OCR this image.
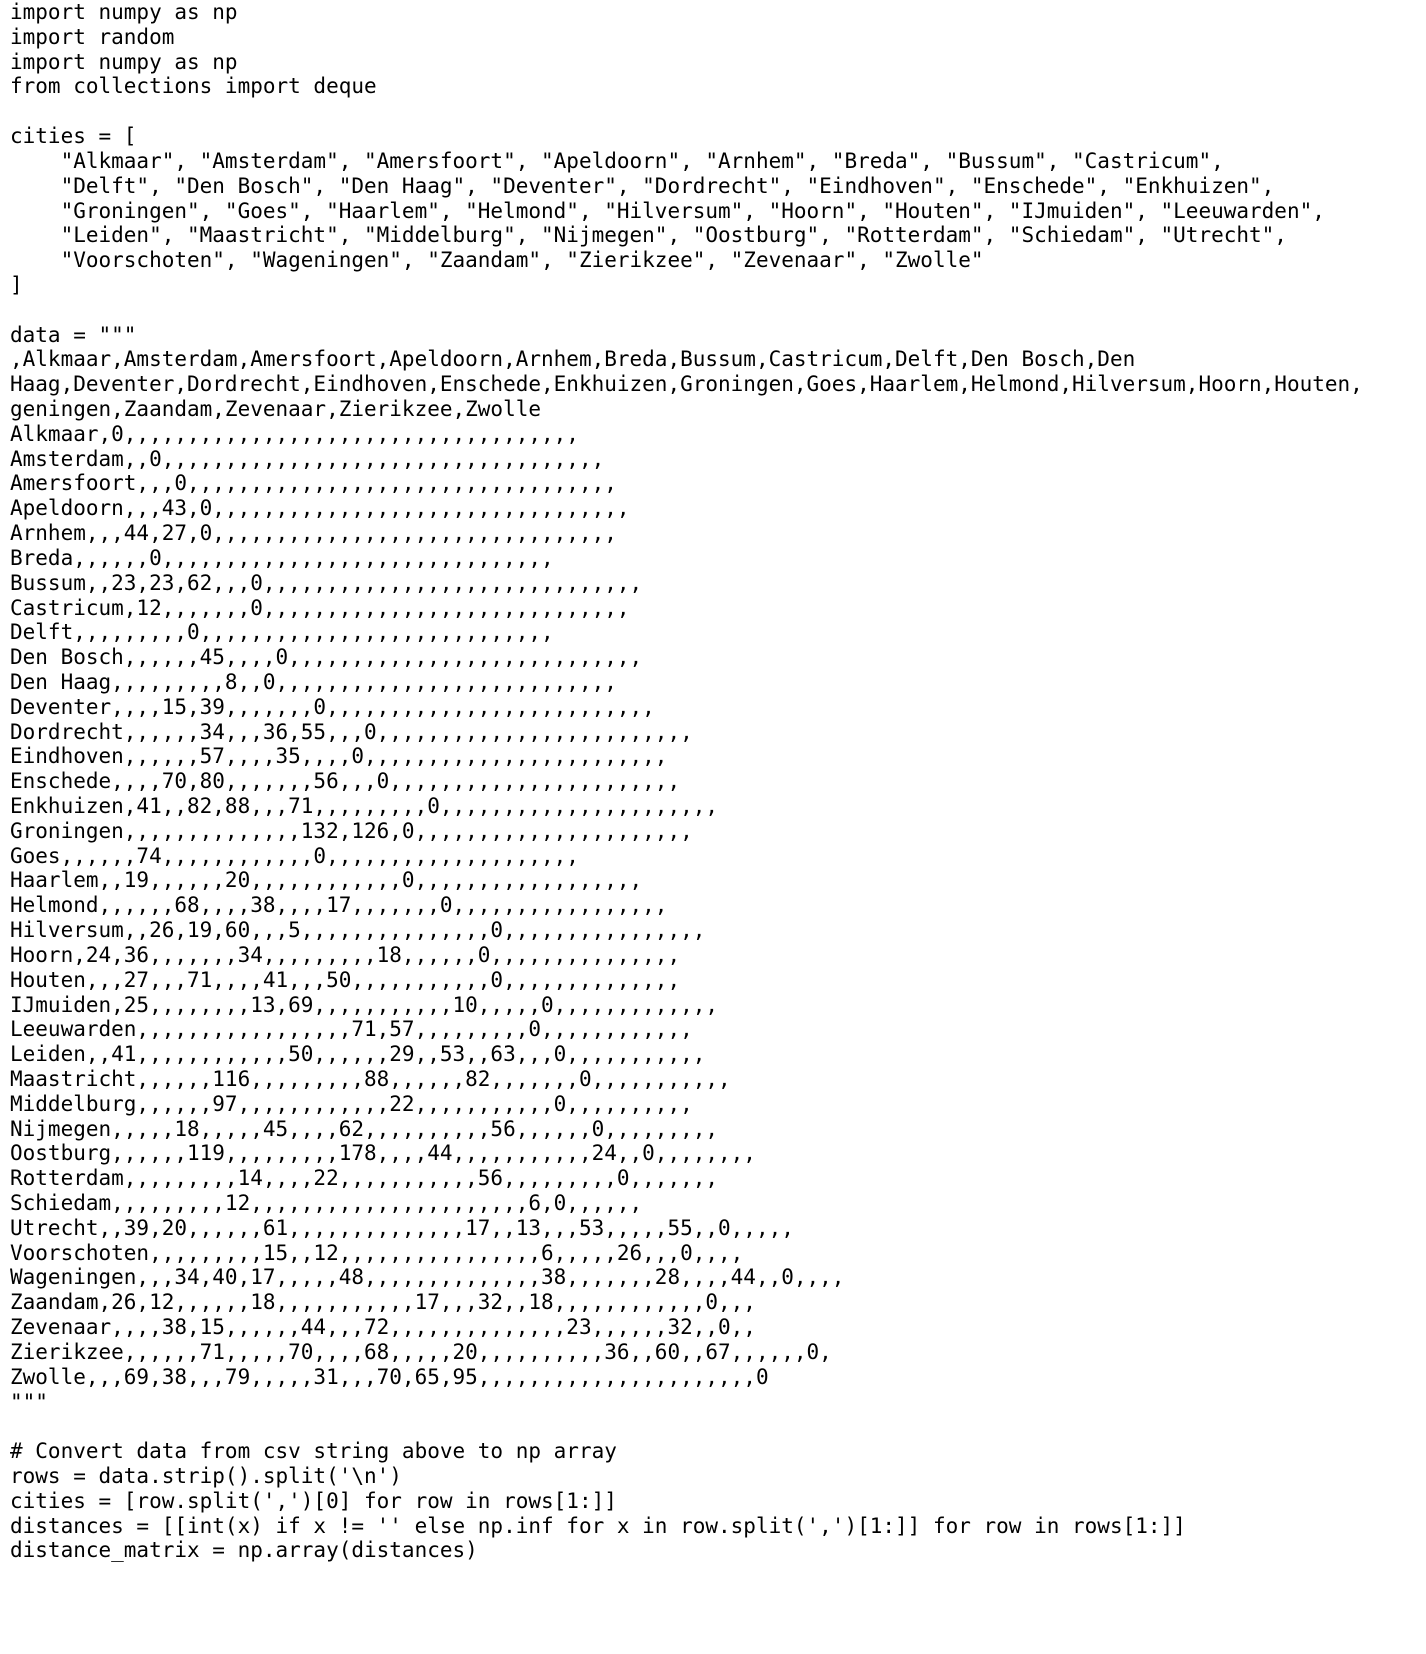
import numpy as np
import random
import numpy as np
from collections import deque
cities = [
"Alkmaar", "Amsterdam", "Amersfoort", "Apeldoorn", "Arnhem", "Breda", "Bussum", "Castricum",
"Delft", "Den Bosch", "Den Haag", "Deventer", "Dordrecht", "Eindhoven", "Enschede", "Enkhuizen",
"Groningen", "Goes", "Haarlem", "Helmond", "Hilversum", "Hoorn", "Houten", "IJmuiden", "Leeuwarden",
"Leiden", "Maastricht", "Middelburg", "Nijmegen", "Oostburg", "Rotterdam", "Schiedam", "Utrecht",
"Voorschoten", "Wageningen", "Zaandam", "Zierikzee", "Zevenaar", "Zwolle"
]
data = """
,Alkmaar,Amsterdam,Amersfoort,Apeldoorn,Arnhem,Breda,Bussum,Castricum,Delft,Den Bosch,Den
Haag,Deventer,Dordrecht,Eindhoven,Enschede,Enkhuizen,Groningen,Goes,Haarlem,Helmond,Hilversum,Hoorn,Houten,
geningen,Zaandam,Zevenaar,Zierikzee,Zwolle
Alkmaar,0,,,,,,,,,,,,,,,,,,,,,,,,,,,,,,,,,,,,
Amsterdam,,0,,,,,,,,,,,,,,,,,,,,,,,,,,,,,,,,,,,
Amersfoort,,,0,,,,,,,,,,,,,,,,,,,,,,,,,,,,,,,,,,
Apeldoorn,,,43,0,,,,,,,,,,,,,,,,,,,,,,,,,,,,,,,,,
Arnhem,,,44,27,0,,,,,,,,,,,,,,,,,,,,,,,,,,,,,,,,
Breda,,,,,,0,,,,,,,,,,,,,,,,,,,,,,,,,,,,,,,
Bussum,,23,23,62,,,0,,,,,,,,,,,,,,,,,,,,,,,,,,,,,,
Castricum,12,,,,,,,0,,,,,,,,,,,,,,,,,,,,,,,,,,,,,
Delft,,,,,,,,,0,,,,,,,,,,,,,,,,,,,,,,,,,,,,
Den Bosch,,,,,,45,,,,0,,,,,,,,,,,,,,,,,,,,,,,,,,,,
Den Haag,,,,,,,,,8,,0,,,,,,,,,,,,,,,,,,,,,,,,,,,
Deventer,,,,15,39,,,,,,,0,,,,,,,,,,,,,,,,,,,,,,,,,,
Dordrecht,,,,,,34,,,36,55,,,0,,,,,,,,,,,,,,,,,,,,,,,,,
Eindhoven,,,,,,57,,,,35,,,,0,,,,,,,,,,,,,,,,,,,,,,,,
Enschede,,,,70,80,,,,,,,56,,,0,,,,,,,,,,,,,,,,,,,,,,,
Enkhuizen,41,,82,88,,,71,,,,,,,,,0,,,,,,,,,,,,,,,,,,,,,,
Groningen,,,,,,,,,,,,,,132,126,0,,,,,,,,,,,,,,,,,,,,,,
Goes,,,,,,74,,,,,,,,,,,,0,,,,,,,,,,,,,,,,,,,,
Haarlem,,19,,,,,,20,,,,,,,,,,,,0,,,,,,,,,,,,,,,,,,
Helmond,,,,,,68,,,,38,,,,17,,,,,,,0,,,,,,,,,,,,,,,,,
Hilversum,,26,19,60,,,5,,,,,,,,,,,,,,,0,,,,,,,,,,,,,,,,
Hoorn,24,36,,,,,,,34,,,,,,,,,18,,,,,,0,,,,,,,,,,,,,,,
Houten,,,27,,,71,,,,41,,,50,,,,,,,,,,,0,,,,,,,,,,,,,,
IJmuiden,25,,,,,,,,13,69,,,,,,,,,,,10,,,,,0,,,,,,,,,,,,,
Leeuwarden,,,,,,,,,,,,,,,,,71,57,,,,,,,,,0,,,,,,,,,,,,
Leiden,,41,,,,,,,,,,,,50,,,,,,29,,53,,63,,,0,,,,,,,,,,,
Maastricht,,,,,,116,,,,,,,,,88,,,,,,82,,,,,,,0,,,,,,,,,,,
Middelburg,,,,,,97,,,,,,,,,,,,22,,,,,,,,,,,0,,,,,,,,,,
Nijmegen,,,,,18,,,,,45,,,,62,,,,,,,,,,56,,,,,,0,,,,,,,,,
Oostburg,,,,,,119,,,,,,,,,178,,,,44,,,,,,,,,,,24,,0,,,,,,,,
Rotterdam,,,,,,,,,14,,,,22,,,,,,,,,,,56,,,,,,,,,0,,,,,,,
Schiedam,,,,,,,,,12,,,,,,,,,,,,,,,,,,,,,,6,0,,,,,,
Utrecht,,39,20,,,,,,61,,,,,,,,,,,,,,17,,13,,,53,,,,,55,,0,,,,,
Voorschoten,,,,,,,,,15,,12,,,,,,,,,,,,,,,,6,,,,,26,,,0,,,,
Wageningen,,,34,40,17,,,,,48,,,,,,,,,,,,,,38,,,,,,,28,,,,44,,0,,,,
Zaandam,26,12,,,,,,18,,,,,,,,,,,17,,,32,,18,,,,,,,,,,,,0,,,
Zevenaar,,,,38,15,,,,,,44,,,72,,,,,,,,,,,,,,23,,,,,,32,,0,,
Zierikzee,,,,,,71,,,,,70,,,,68,,,,,20,,,,,,,,,,36,,60,,67,,,,,,0,
Zwolle,,,69,38,,,79,,,,,31,,,70,65,95,,,,,,,,,,,,,,,,,,,,,,0
"""
# Convert data from csv string above to np array
rows = data.strip().split('\n')
cities = [row.split(',')[0] for row in rows[1:]]
distances = [[int(x) if x != '' else np.inf for x in row.split(',')[1:]] for row in rows[1:]]
distance_matrix = np.array(distances)
